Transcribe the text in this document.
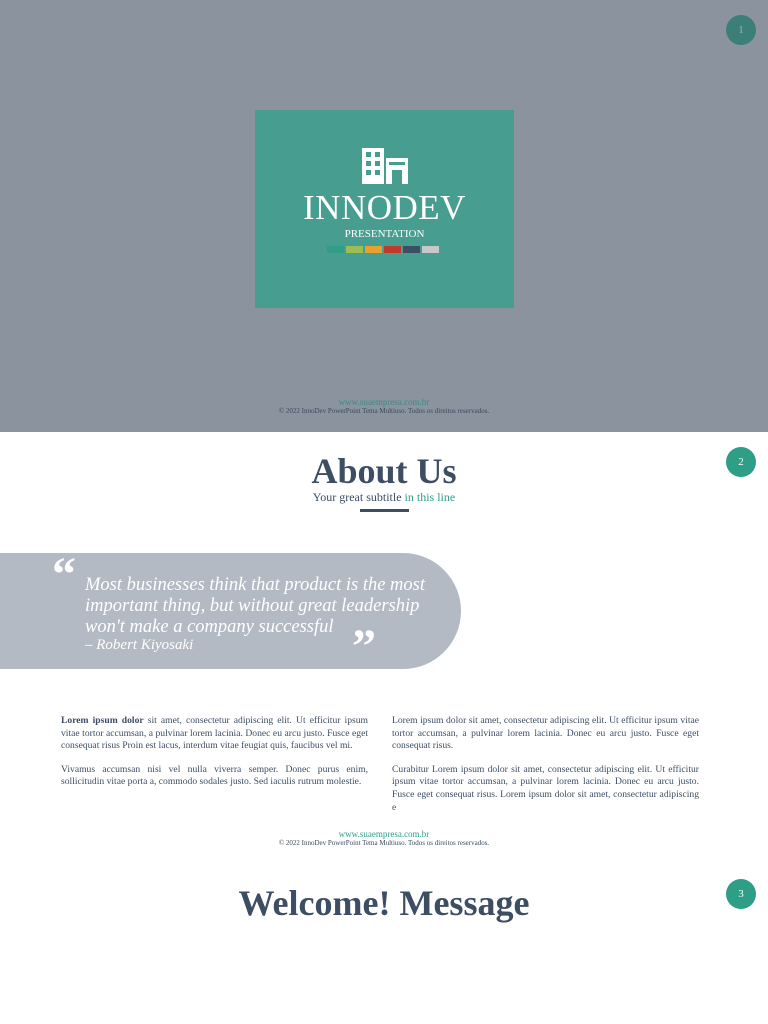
1
INNODEV
PRESENTATION
www.suaempresa.com.br
© 2022 InnoDev PowerPoint Tema Multiuso. Todos os direitos reservados.
2
About Us
Your great subtitle in this line
“ Most businesses think that product is the most important thing, but without great leadership won't make a company successful
– Robert Kiyosaki	”

Lorem ipsum dolor sit amet, consectetur adipiscing elit. Ut efficitur ipsum vitae tortor accumsan, a pulvinar lorem lacinia. Donec eu arcu justo. Fusce eget consequat risus Proin est lacus, interdum vitae feugiat quis, faucibus vel mi.

Vivamus accumsan nisi vel nulla viverra semper. Donec purus enim, sollicitudin vitae porta a, commodo sodales justo. Sed iaculis rutrum molestie.

Lorem ipsum dolor sit amet, consectetur adipiscing elit. Ut efficitur ipsum vitae tortor accumsan, a pulvinar lorem lacinia. Donec eu arcu justo. Fusce eget consequat risus.

Curabitur Lorem ipsum dolor sit amet, consectetur adipiscing elit. Ut efficitur ipsum vitae tortor accumsan, a pulvinar lorem lacinia. Donec eu arcu justo. Fusce eget consequat risus. Lorem ipsum dolor sit amet, consectetur adipiscing e

www.suaempresa.com.br
© 2022 InnoDev PowerPoint Tema Multiuso. Todos os direitos reservados.
3
Welcome! Message
